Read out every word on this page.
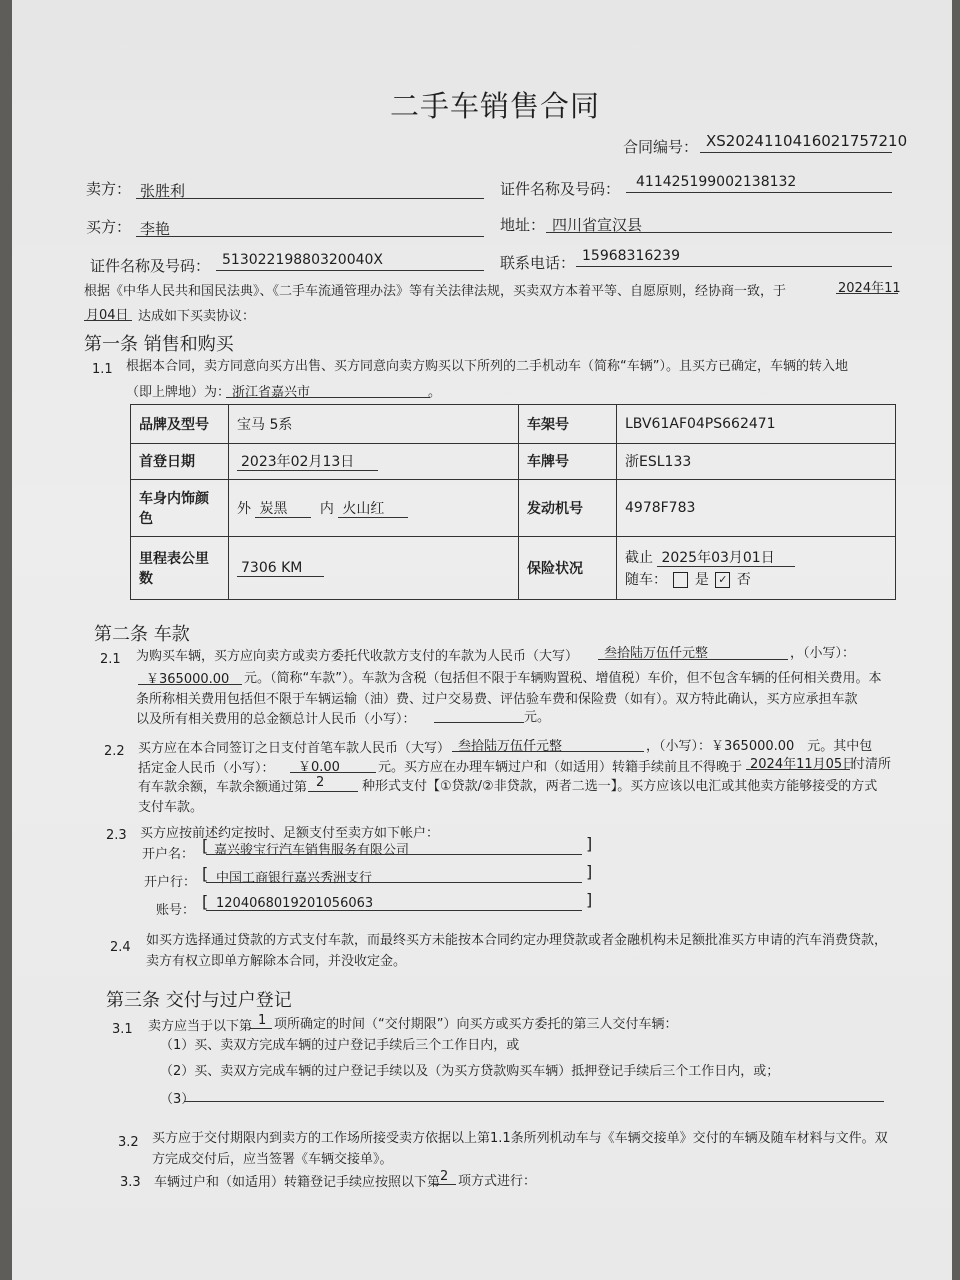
二手车销售合同
合同编号： XS2024110416021757210
卖方： 张胜利	证件名称及号码： 411425199002138132
买方： 李艳	地址： 四川省宣汉县
证件名称及号码： 51302219880320040X	联系电话： 15968316239
根据《中华人民共和国民法典》、《二手车流通管理办法》等有关法律法规，买卖双方本着平等、自愿原则，经协商一致，于	2024年11
月04日 达成如下买卖协议：
第一条 销售和购买
1.1 根据本合同，卖方同意向买方出售、买方同意向卖方购买以下所列的二手机动车（简称“车辆”）。且买方已确定，车辆的转入地
（即上牌地）为： 浙江省嘉兴市	。
品牌及型号	宝马 5系	车架号	LBV61AF04PS662471
首登日期	2023年02月13日	车牌号	浙ESL133
车身内饰颜色	外 炭黑 内 火山红	发动机号	4978F783
里程表公里数	7306 KM	保险状况	截止 2025年03月01日
随车： 是 ✓ 否
第二条 车款
2.1 为购买车辆，买方应向卖方或卖方委托代收款方支付的车款为人民币（大写） 叁拾陆万伍仟元整	，（小写）：
￥365000.00 元。（简称“车款”）。车款为含税（包括但不限于车辆购置税、增值税）车价，但不包含车辆的任何相关费用。本
条所称相关费用包括但不限于车辆运输（油）费、过户交易费、评估验车费和保险费（如有）。双方特此确认，买方应承担车款
以及所有相关费用的总金额总计人民币（小写）：	元。
2.2 买方应在本合同签订之日支付首笔车款人民币（大写） 叁拾陆万伍仟元整	，（小写）：￥365000.00　元。其中包
括定金人民币（小写）： ￥0.00	元。买方应在办理车辆过户和（如适用）转籍手续前且不得晚于 2024年11月05日
付清所
有车款余额，车款余额通过第 2	种形式支付【①贷款/②非贷款，两者二选一】。买方应该以电汇或其他卖方能够接受的方式
支付车款。
2.3 买方应按前述约定按时、足额支付至卖方如下帐户：
开户名： [ 嘉兴骏宝行汽车销售服务有限公司	]
开户行： [ 中国工商银行嘉兴秀洲支行	]
账号： [ 1204068019201056063	]
2.4 如买方选择通过贷款的方式支付车款，而最终买方未能按本合同约定办理贷款或者金融机构未足额批准买方申请的汽车消费贷款，
卖方有权立即单方解除本合同，并没收定金。
第三条 交付与过户登记
3.1 卖方应当于以下第 1 项所确定的时间（“交付期限”）向买方或买方委托的第三人交付车辆：
（1）买、卖双方完成车辆的过户登记手续后三个工作日内，或
（2）买、卖双方完成车辆的过户登记手续以及（为买方贷款购买车辆）抵押登记手续后三个工作日内，或；
（3）
3.2 买方应于交付期限内到卖方的工作场所接受卖方依据以上第1.1条所列机动车与《车辆交接单》交付的车辆及随车材料与文件。双
方完成交付后，应当签署《车辆交接单》。
3.3 车辆过户和（如适用）转籍登记手续应按照以下第 2 项方式进行：
